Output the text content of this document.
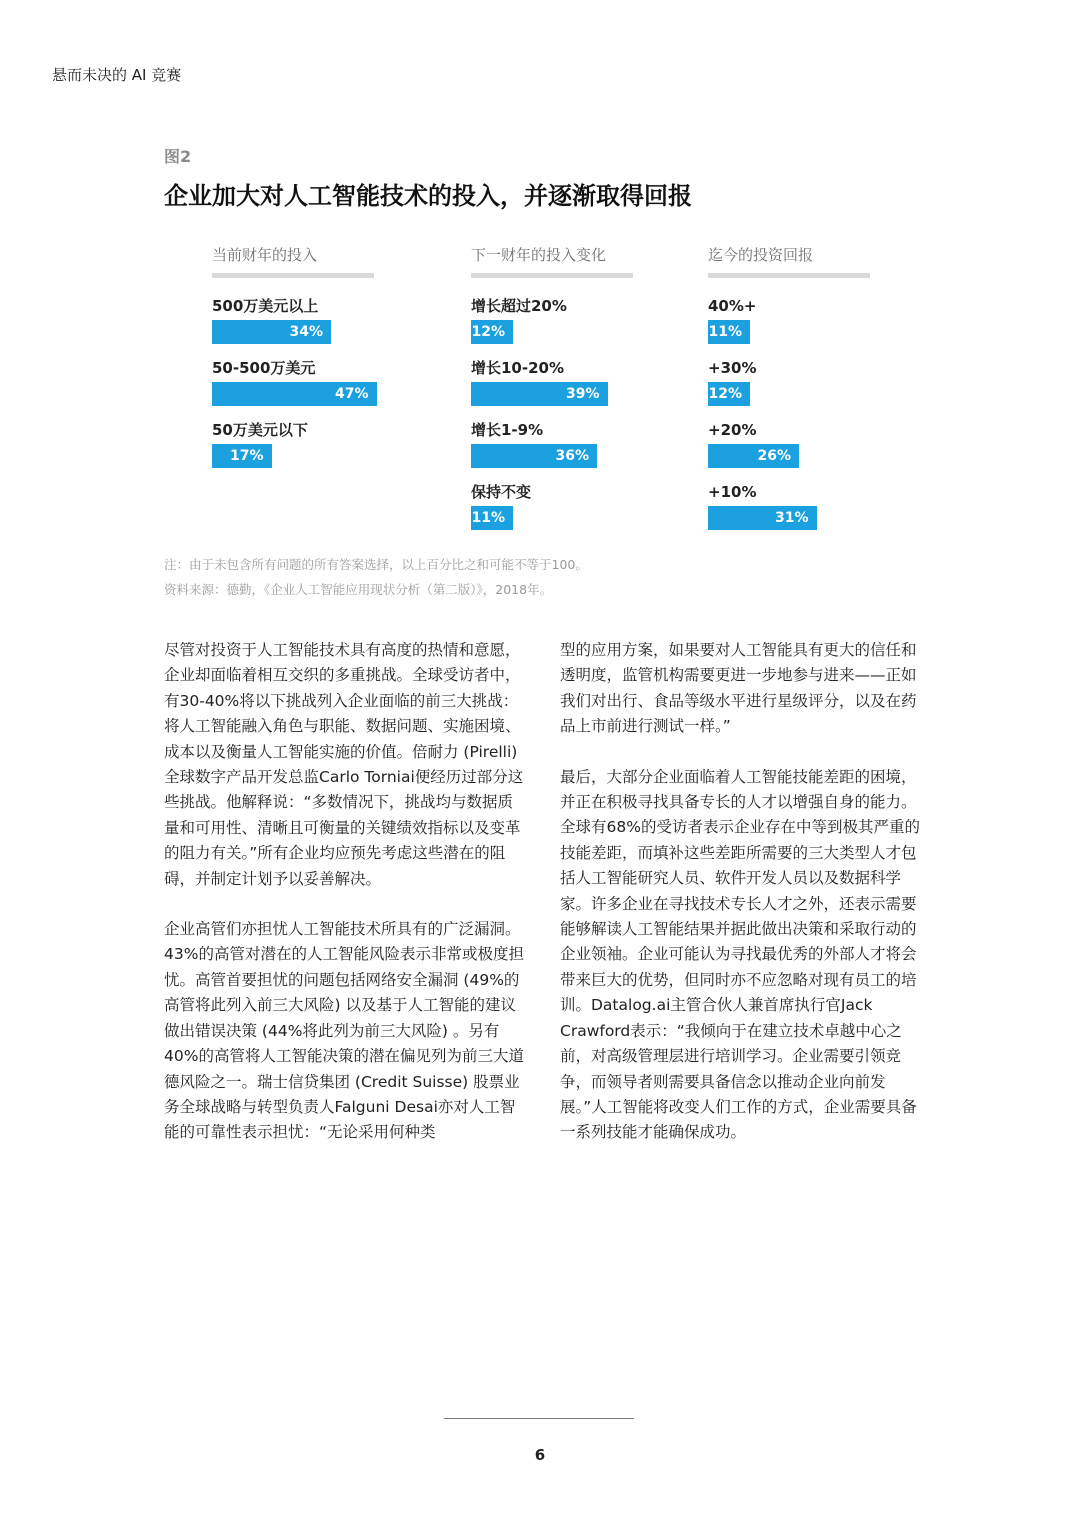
悬而未决的 AI 竞赛
图2
企业加大对人工智能技术的投入，并逐渐取得回报
当前财年的投入
500万美元以上
34%
50-500万美元
47%
50万美元以下
17%
下一财年的投入变化
增长超过20%
12%
增长10-20%
39%
增长1-9%
36%
保持不变
11%
迄今的投资回报
40%+
11%
+30%
12%
+20%
26%
+10%
31%
注：由于未包含所有问题的所有答案选择，以上百分比之和可能不等于100。
资料来源：德勤，《企业人工智能应用现状分析（第二版）》，2018年。

尽管对投资于人工智能技术具有高度的热情和意愿，企业却面临着相互交织的多重挑战。全球受访者中，有30-40%将以下挑战列入企业面临的前三大挑战：将人工智能融入角色与职能、数据问题、实施困境、成本以及衡量人工智能实施的价值。倍耐力 (Pirelli) 全球数字产品开发总监Carlo Torniai便经历过部分这些挑战。他解释说：“多数情况下，挑战均与数据质量和可用性、清晰且可衡量的关键绩效指标以及变革的阻力有关。”所有企业均应预先考虑这些潜在的阻碍，并制定计划予以妥善解决。

企业高管们亦担忧人工智能技术所具有的广泛漏洞。43%的高管对潜在的人工智能风险表示非常或极度担忧。高管首要担忧的问题包括网络安全漏洞 (49%的高管将此列入前三大风险) 以及基于人工智能的建议做出错误决策 (44%将此列为前三大风险) 。另有40%的高管将人工智能决策的潜在偏见列为前三大道德风险之一。瑞士信贷集团 (Credit Suisse) 股票业务全球战略与转型负责人Falguni Desai亦对人工智能的可靠性表示担忧：“无论采用何种类

型的应用方案，如果要对人工智能具有更大的信任和透明度，监管机构需要更进一步地参与进来——正如我们对出行、食品等级水平进行星级评分，以及在药品上市前进行测试一样。”

最后，大部分企业面临着人工智能技能差距的困境，并正在积极寻找具备专长的人才以增强自身的能力。全球有68%的受访者表示企业存在中等到极其严重的技能差距，而填补这些差距所需要的三大类型人才包括人工智能研究人员、软件开发人员以及数据科学家。许多企业在寻找技术专长人才之外，还表示需要能够解读人工智能结果并据此做出决策和采取行动的企业领袖。企业可能认为寻找最优秀的外部人才将会带来巨大的优势，但同时亦不应忽略对现有员工的培训。Datalog.ai主管合伙人兼首席执行官Jack Crawford表示：“我倾向于在建立技术卓越中心之前，对高级管理层进行培训学习。企业需要引领竞争，而领导者则需要具备信念以推动企业向前发展。”人工智能将改变人们工作的方式，企业需要具备一系列技能才能确保成功。

6
